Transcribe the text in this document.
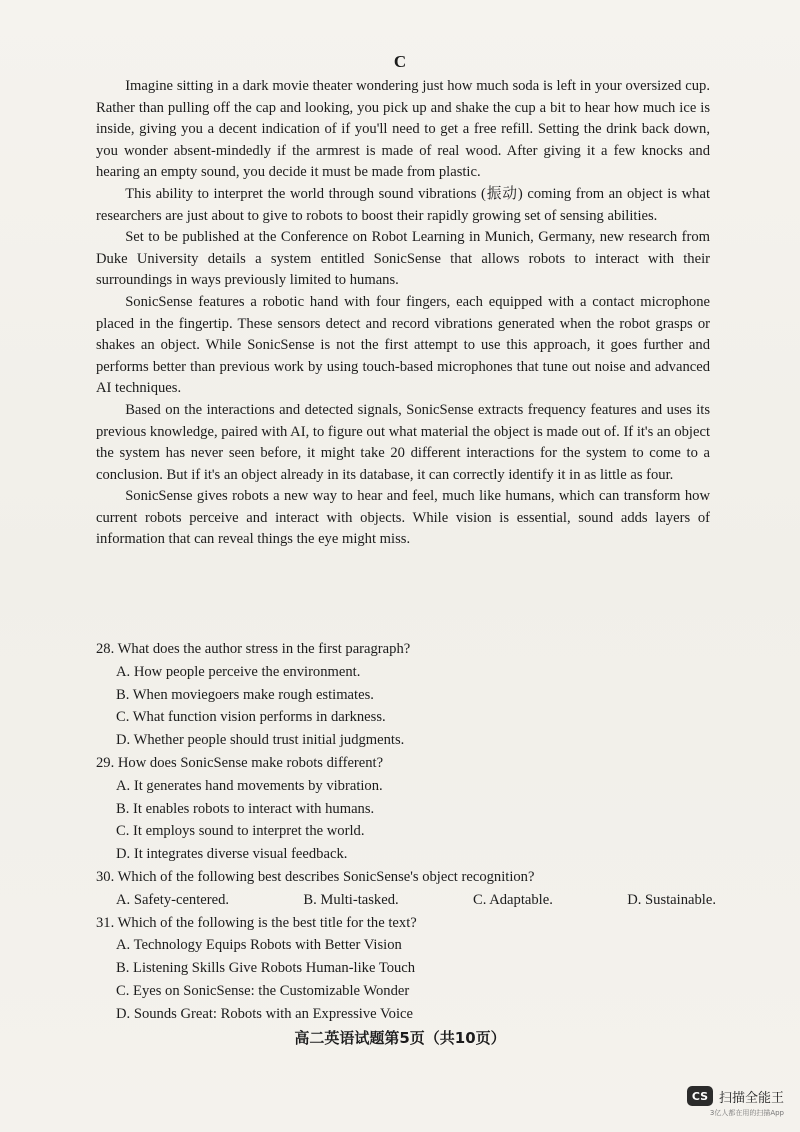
C

Imagine sitting in a dark movie theater wondering just how much soda is left in your oversized cup. Rather than pulling off the cap and looking, you pick up and shake the cup a bit to hear how much ice is inside, giving you a decent indication of if you'll need to get a free refill. Setting the drink back down, you wonder absent-mindedly if the armrest is made of real wood. After giving it a few knocks and hearing an empty sound, you decide it must be made from plastic.

This ability to interpret the world through sound vibrations (振动) coming from an object is what researchers are just about to give to robots to boost their rapidly growing set of sensing abilities.

Set to be published at the Conference on Robot Learning in Munich, Germany, new research from Duke University details a system entitled SonicSense that allows robots to interact with their surroundings in ways previously limited to humans.

SonicSense features a robotic hand with four fingers, each equipped with a contact microphone placed in the fingertip. These sensors detect and record vibrations generated when the robot grasps or shakes an object. While SonicSense is not the first attempt to use this approach, it goes further and performs better than previous work by using touch-based microphones that tune out noise and advanced AI techniques.

Based on the interactions and detected signals, SonicSense extracts frequency features and uses its previous knowledge, paired with AI, to figure out what material the object is made out of. If it's an object the system has never seen before, it might take 20 different interactions for the system to come to a conclusion. But if it's an object already in its database, it can correctly identify it in as little as four.

SonicSense gives robots a new way to hear and feel, much like humans, which can transform how current robots perceive and interact with objects. While vision is essential, sound adds layers of information that can reveal things the eye might miss.

28. What does the author stress in the first paragraph?

A. How people perceive the environment.

B. When moviegoers make rough estimates.

C. What function vision performs in darkness.

D. Whether people should trust initial judgments.

29. How does SonicSense make robots different?

A. It generates hand movements by vibration.

B. It enables robots to interact with humans.

C. It employs sound to interpret the world.

D. It integrates diverse visual feedback.

30. Which of the following best describes SonicSense's object recognition?

A. Safety-centered.	B. Multi-tasked.	C. Adaptable.	D. Sustainable.

31. Which of the following is the best title for the text?

A. Technology Equips Robots with Better Vision

B. Listening Skills Give Robots Human-like Touch

C. Eyes on SonicSense: the Customizable Wonder

D. Sounds Great: Robots with an Expressive Voice

高二英语试题第5页（共10页）
CS 扫描全能王
3亿人都在用的扫描App
